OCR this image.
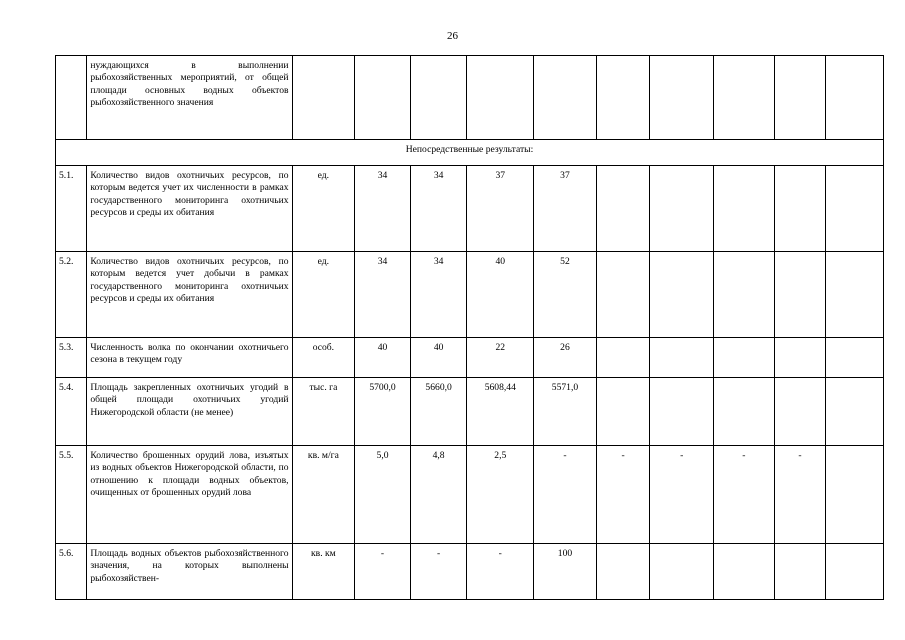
26
	нуждающихся в выполнении рыбохозяйственных мероприятий, от общей площади основных водных объектов рыбохозяйственного значения										
Непосредственные результаты:											
5.1.	Количество видов охотничьих ресурсов, по которым ведется учет их численности в рамках государственного мониторинга охотничьих ресурсов и среды их обитания	ед.	34	34	37	37					
5.2.	Количество видов охотничьих ресурсов, по которым ведется учет добычи в рамках государственного мониторинга охотничьих ресурсов и среды их обитания	ед.	34	34	40	52					
5.3.	Численность волка по окончании охотничьего сезона в текущем году	особ.	40	40	22	26					
5.4.	Площадь закрепленных охотничьих угодий в общей площади охотничьих угодий Нижегородской области (не менее)	тыс. га	5700,0	5660,0	5608,44	5571,0					
5.5.	Количество брошенных орудий лова, изъятых из водных объектов Нижегородской области, по отношению к площади водных объектов, очищенных от брошенных орудий лова	кв. м/га	5,0	4,8	2,5	-	-	-	-	-	
5.6.	Площадь водных объектов рыбохозяйственного значения, на которых выполнены рыбохозяйствен-	кв. км	-	-	-	100					
